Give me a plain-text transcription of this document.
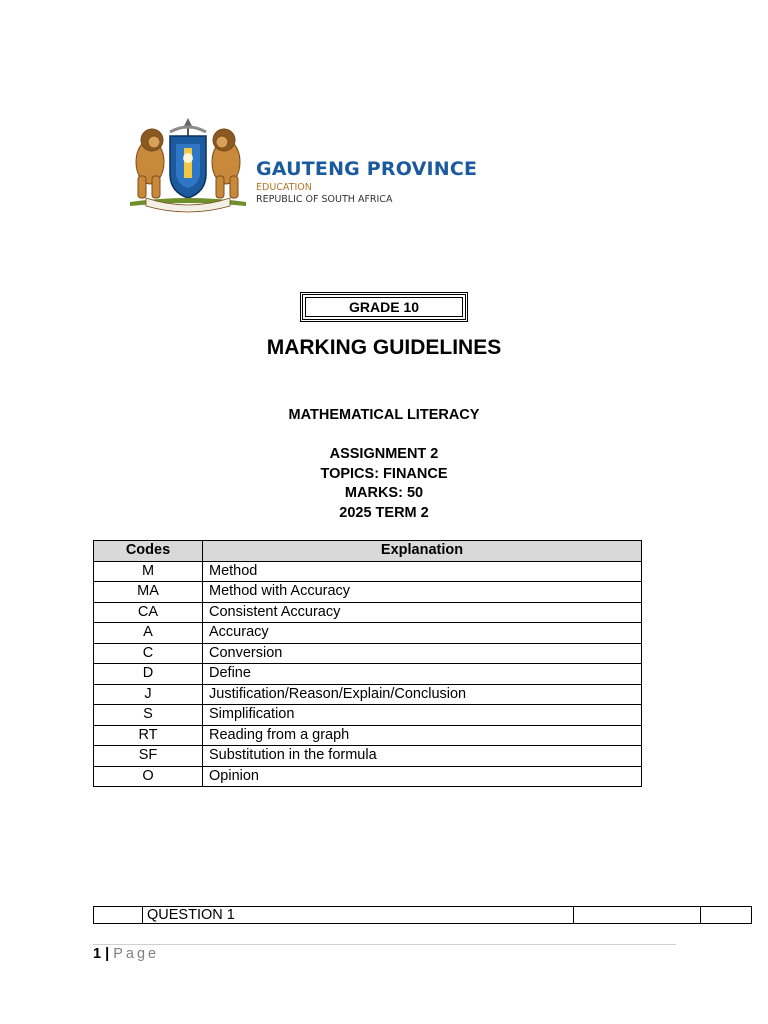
GAUTENG PROVINCE
EDUCATION
REPUBLIC OF SOUTH AFRICA
GRADE 10
MARKING GUIDELINES
MATHEMATICAL LITERACY
ASSIGNMENT 2
TOPICS: FINANCE
MARKS: 50
2025 TERM 2
Codes	Explanation
M	Method
MA	Method with Accuracy
CA	Consistent Accuracy
A	Accuracy
C	Conversion
D	Define
J	Justification/Reason/Explain/Conclusion
S	Simplification
RT	Reading from a graph
SF	Substitution in the formula
O	Opinion
	QUESTION 1		
1 | Page
